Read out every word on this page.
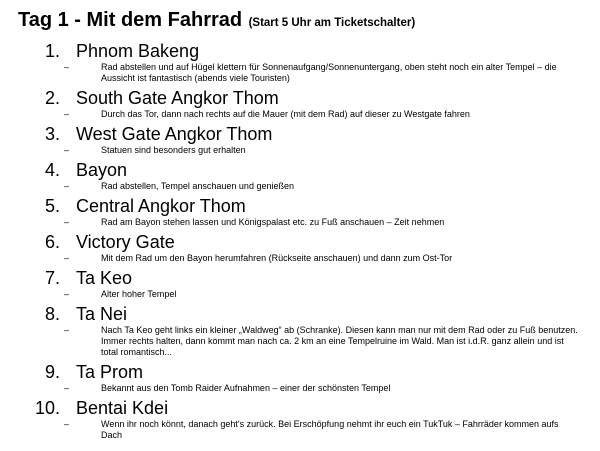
Tag 1 - Mit dem Fahrrad (Start 5 Uhr am Ticketschalter)
1. Phnom Bakeng
–	Rad abstellen und auf Hügel klettern für Sonnenaufgang/Sonnenuntergang, oben steht noch ein alter Tempel – die Aussicht ist fantastisch (abends viele Touristen)
2. South Gate Angkor Thom
–	Durch das Tor, dann nach rechts auf die Mauer (mit dem Rad) auf dieser zu Westgate fahren
3. West Gate Angkor Thom
–	Statuen sind besonders gut erhalten
4. Bayon
–	Rad abstellen, Tempel anschauen und genießen
5. Central Angkor Thom
–	Rad am Bayon stehen lassen und Königspalast etc. zu Fuß anschauen – Zeit nehmen
6. Victory Gate
–	Mit dem Rad um den Bayon herumfahren (Rückseite anschauen) und dann zum Ost-Tor
7. Ta Keo
–	Alter hoher Tempel
8. Ta Nei
–	Nach Ta Keo geht links ein kleiner „Waldweg“ ab (Schranke). Diesen kann man nur mit dem Rad oder zu Fuß benutzen. Immer rechts halten, dann kommt man nach ca. 2 km an eine Tempelruine im Wald. Man ist i.d.R. ganz allein und ist total romantisch...
9. Ta Prom
–	Bekannt aus den Tomb Raider Aufnahmen – einer der schönsten Tempel
10. Bentai Kdei
–	Wenn ihr noch könnt, danach geht's zurück. Bei Erschöpfung nehmt ihr euch ein TukTuk – Fahrräder kommen aufs Dach
